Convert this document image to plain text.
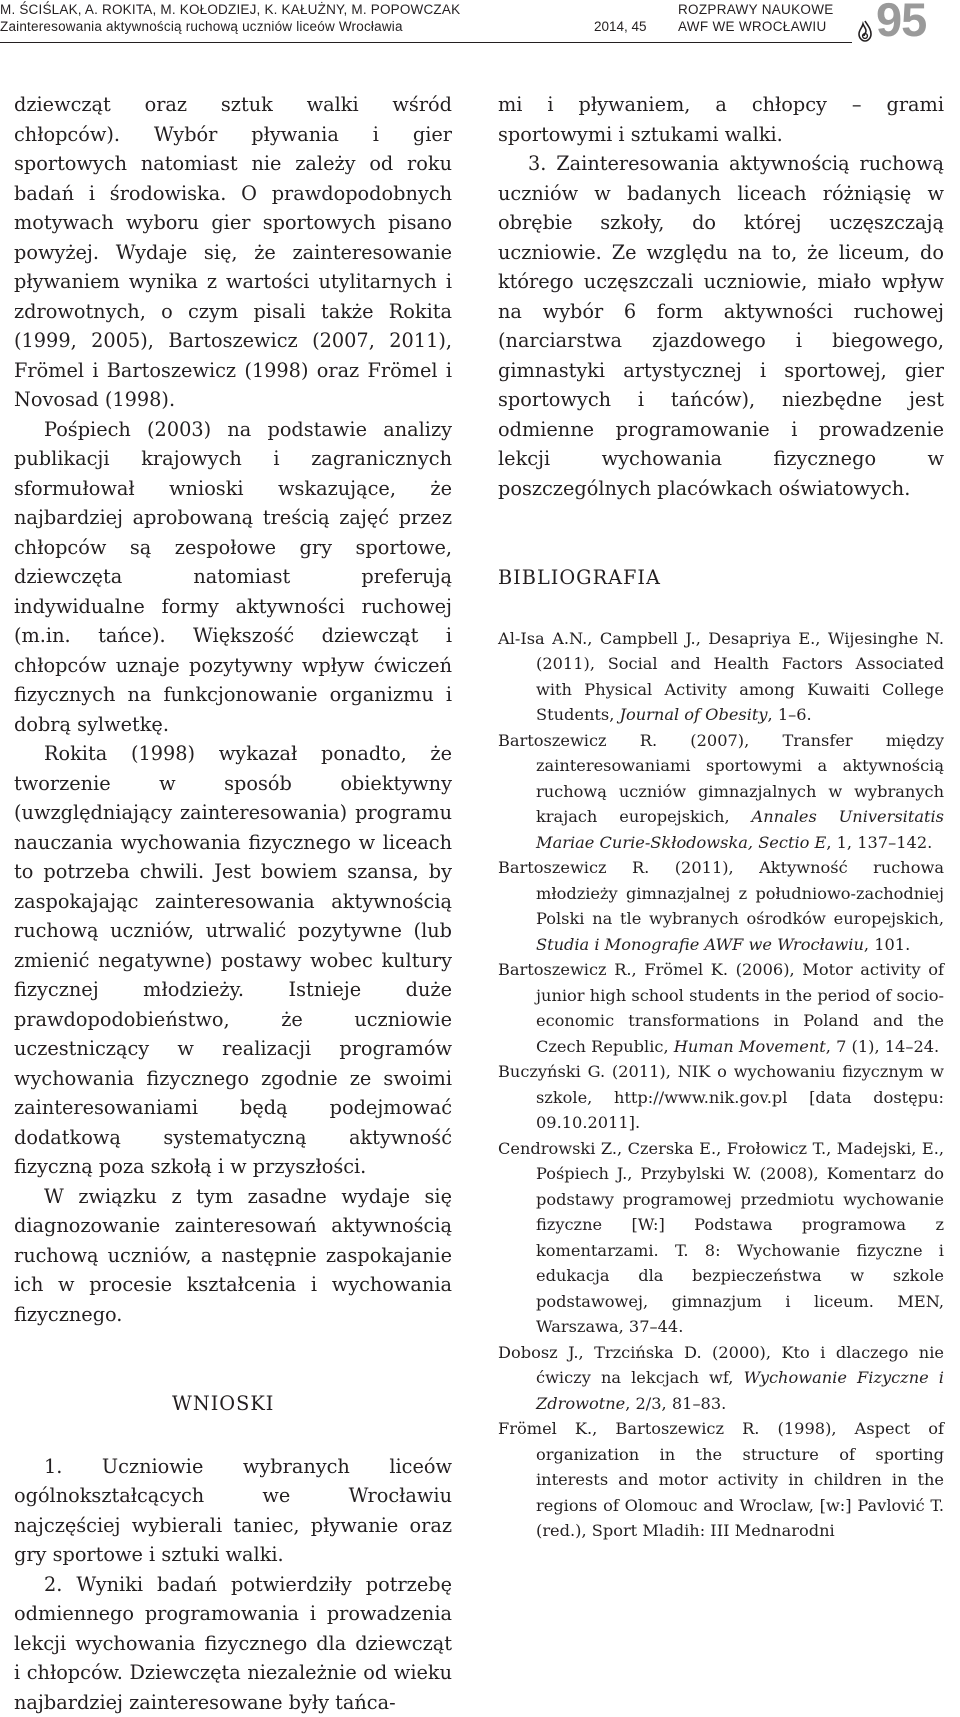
M. ŚCIŚLAK, A. ROKITA, M. KOŁODZIEJ, K. KAŁUŻNY, M. POPOWCZAK
Zainteresowania aktywnością ruchową uczniów liceów Wrocławia	2014, 45
ROZPRAWY NAUKOWE
AWF WE WROCŁAWIU 95

dziewcząt oraz sztuk walki wśród chłopców). Wybór pływania i gier sportowych natomiast nie zależy od roku badań i środowiska. O prawdopodobnych motywach wyboru gier sportowych pisano powyżej. Wydaje się, że zainteresowanie pływaniem wynika z wartości utylitarnych i zdrowotnych, o czym pisali także Rokita (1999, 2005), Bartoszewicz (2007, 2011), Frömel i Bartoszewicz (1998) oraz Frömel i Novosad (1998).

Pośpiech (2003) na podstawie analizy publikacji krajowych i zagranicznych sformułował wnioski wskazujące, że najbardziej aprobowaną treścią zajęć przez chłopców są zespołowe gry sportowe, dziewczęta natomiast preferują indywidualne formy aktywności ruchowej (m.in. tańce). Większość dziewcząt i chłopców uznaje pozytywny wpływ ćwiczeń fizycznych na funkcjonowanie organizmu i dobrą sylwetkę.

Rokita (1998) wykazał ponadto, że tworzenie w sposób obiektywny (uwzględniający zainteresowania) programu nauczania wychowania fizycznego w liceach to potrzeba chwili. Jest bowiem szansa, by zaspokajając zainteresowania aktywnością ruchową uczniów, utrwalić pozytywne (lub zmienić negatywne) postawy wobec kultury fizycznej młodzieży. Istnieje duże prawdopodobieństwo, że uczniowie uczestniczący w realizacji programów wychowania fizycznego zgodnie ze swoimi zainteresowaniami będą podejmować dodatkową systematyczną aktywność fizyczną poza szkołą i w przyszłości.

W związku z tym zasadne wydaje się diagnozowanie zainteresowań aktywnością ruchową uczniów, a następnie zaspokajanie ich w procesie kształcenia i wychowania fizycznego.

WNIOSKI

1. Uczniowie wybranych liceów ogólnokształcących we Wrocławiu najczęściej wybierali taniec, pływanie oraz gry sportowe i sztuki walki.

2. Wyniki badań potwierdziły potrzebę odmiennego programowania i prowadzenia lekcji wychowania fizycznego dla dziewcząt i chłopców. Dziewczęta niezależnie od wieku najbardziej zainteresowane były tańca-

mi i pływaniem, a chłopcy – grami sportowymi i sztukami walki.

3. Zainteresowania aktywnością ruchową uczniów w badanych liceach różniąsię w obrębie szkoły, do której uczęszczają uczniowie. Ze względu na to, że liceum, do którego uczęszczali uczniowie, miało wpływ na wybór 6 form aktywności ruchowej (narciarstwa zjazdowego i biegowego, gimnastyki artystycznej i sportowej, gier sportowych i tańców), niezbędne jest odmienne programowanie i prowadzenie lekcji wychowania fizycznego w poszczególnych placówkach oświatowych.

BIBLIOGRAFIA

Al-Isa A.N., Campbell J., Desapriya E., Wijesinghe N. (2011), Social and Health Factors Associated with Physical Activity among Kuwaiti College Students, Journal of Obesity, 1–6.

Bartoszewicz R. (2007), Transfer między zainteresowaniami sportowymi a aktywnością ruchową uczniów gimnazjalnych w wybranych krajach europejskich, Annales Universitatis Mariae Curie-Skłodowska, Sectio E, 1, 137–142.

Bartoszewicz R. (2011), Aktywność ruchowa młodzieży gimnazjalnej z południowo-zachodniej Polski na tle wybranych ośrodków europejskich, Studia i Monografie AWF we Wrocławiu, 101.

Bartoszewicz R., Frömel K. (2006), Motor activity of junior high school students in the period of socio-economic transformations in Poland and the Czech Republic, Human Movement, 7 (1), 14–24.

Buczyński G. (2011), NIK o wychowaniu fizycznym w szkole, http://www.nik.gov.pl [data dostępu: 09.10.2011].

Cendrowski Z., Czerska E., Frołowicz T., Madejski, E., Pośpiech J., Przybylski W. (2008), Komentarz do podstawy programowej przedmiotu wychowanie fizyczne [W:] Podstawa programowa z komentarzami. T. 8: Wychowanie fizyczne i edukacja dla bezpieczeństwa w szkole podstawowej, gimnazjum i liceum. MEN, Warszawa, 37–44.

Dobosz J., Trzcińska D. (2000), Kto i dlaczego nie ćwiczy na lekcjach wf, Wychowanie Fizyczne i Zdrowotne, 2/3, 81–83.

Frömel K., Bartoszewicz R. (1998), Aspect of organization in the structure of sporting interests and motor activity in children in the regions of Olomouc and Wroclaw, [w:] Pavlović T. (red.), Sport Mladih: III Mednarodni
